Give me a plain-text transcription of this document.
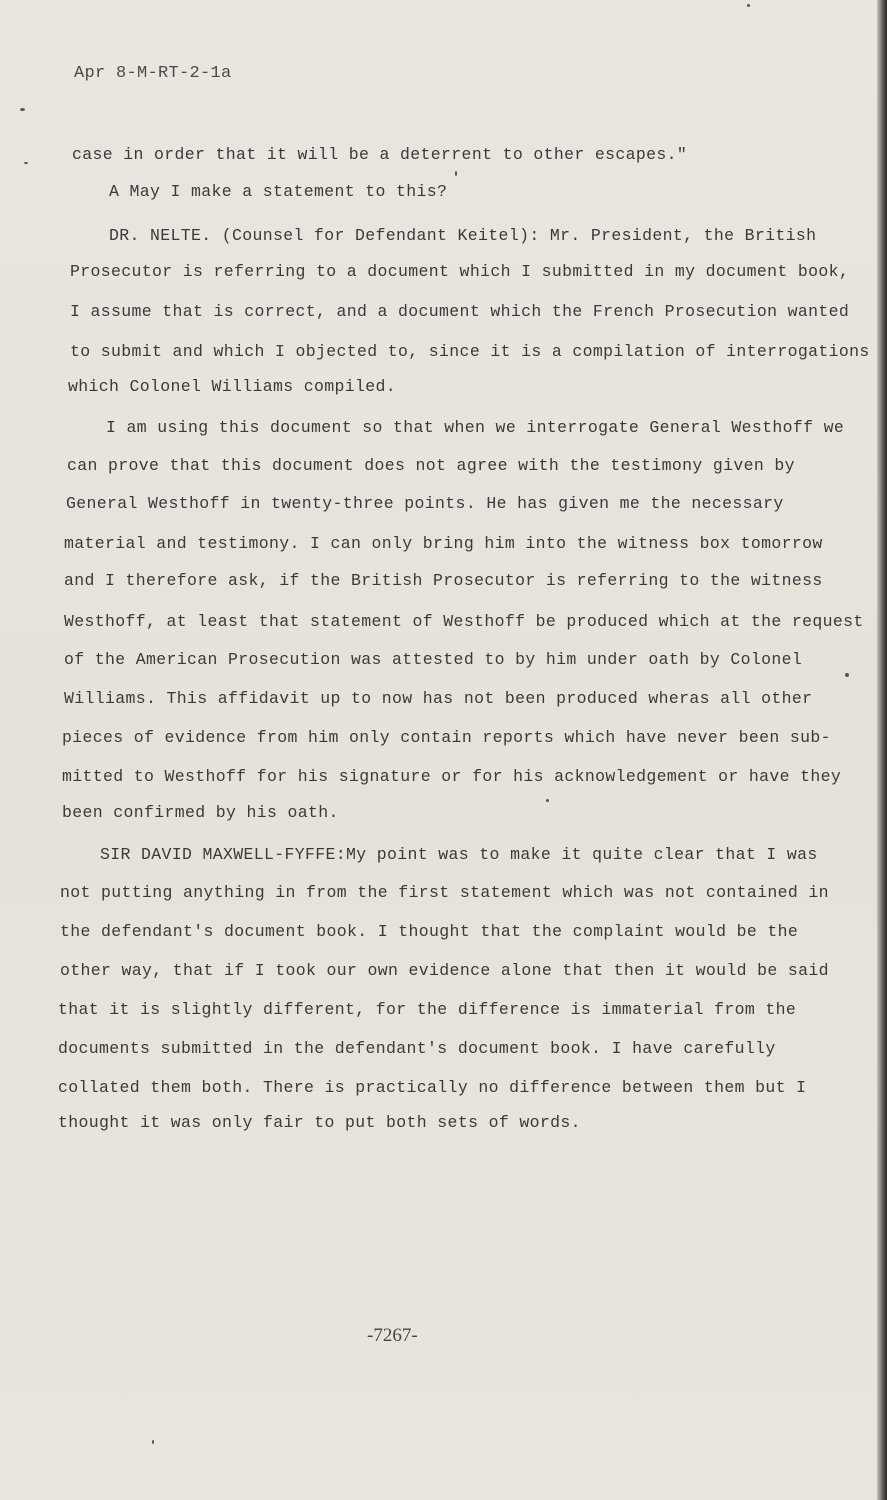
Apr 8-M-RT-2-1a
case in order that it will be a deterrent to other escapes."
A May I make a statement to this?
DR. NELTE. (Counsel for Defendant Keitel): Mr. President, the British
Prosecutor is referring to a document which I submitted in my document book,
I assume that is correct, and a document which the French Prosecution wanted
to submit and which I objected to, since it is a compilation of interrogations
which Colonel Williams compiled.
I am using this document so that when we interrogate General Westhoff we
can prove that this document does not agree with the testimony given by
General Westhoff in twenty-three points. He has given me the necessary
material and testimony. I can only bring him into the witness box tomorrow
and I therefore ask, if the British Prosecutor is referring to the witness
Westhoff, at least that statement of Westhoff be produced which at the request
of the American Prosecution was attested to by him under oath by Colonel
Williams. This affidavit up to now has not been produced wheras all other
pieces of evidence from him only contain reports which have never been sub-
mitted to Westhoff for his signature or for his acknowledgement or have they
been confirmed by his oath.
SIR DAVID MAXWELL-FYFFE:My point was to make it quite clear that I was
not putting anything in from the first statement which was not contained in
the defendant's document book. I thought that the complaint would be the
other way, that if I took our own evidence alone that then it would be said
that it is slightly different, for the difference is immaterial from the
documents submitted in the defendant's document book. I have carefully
collated them both. There is practically no difference between them but I
thought it was only fair to put both sets of words.
-7267-
